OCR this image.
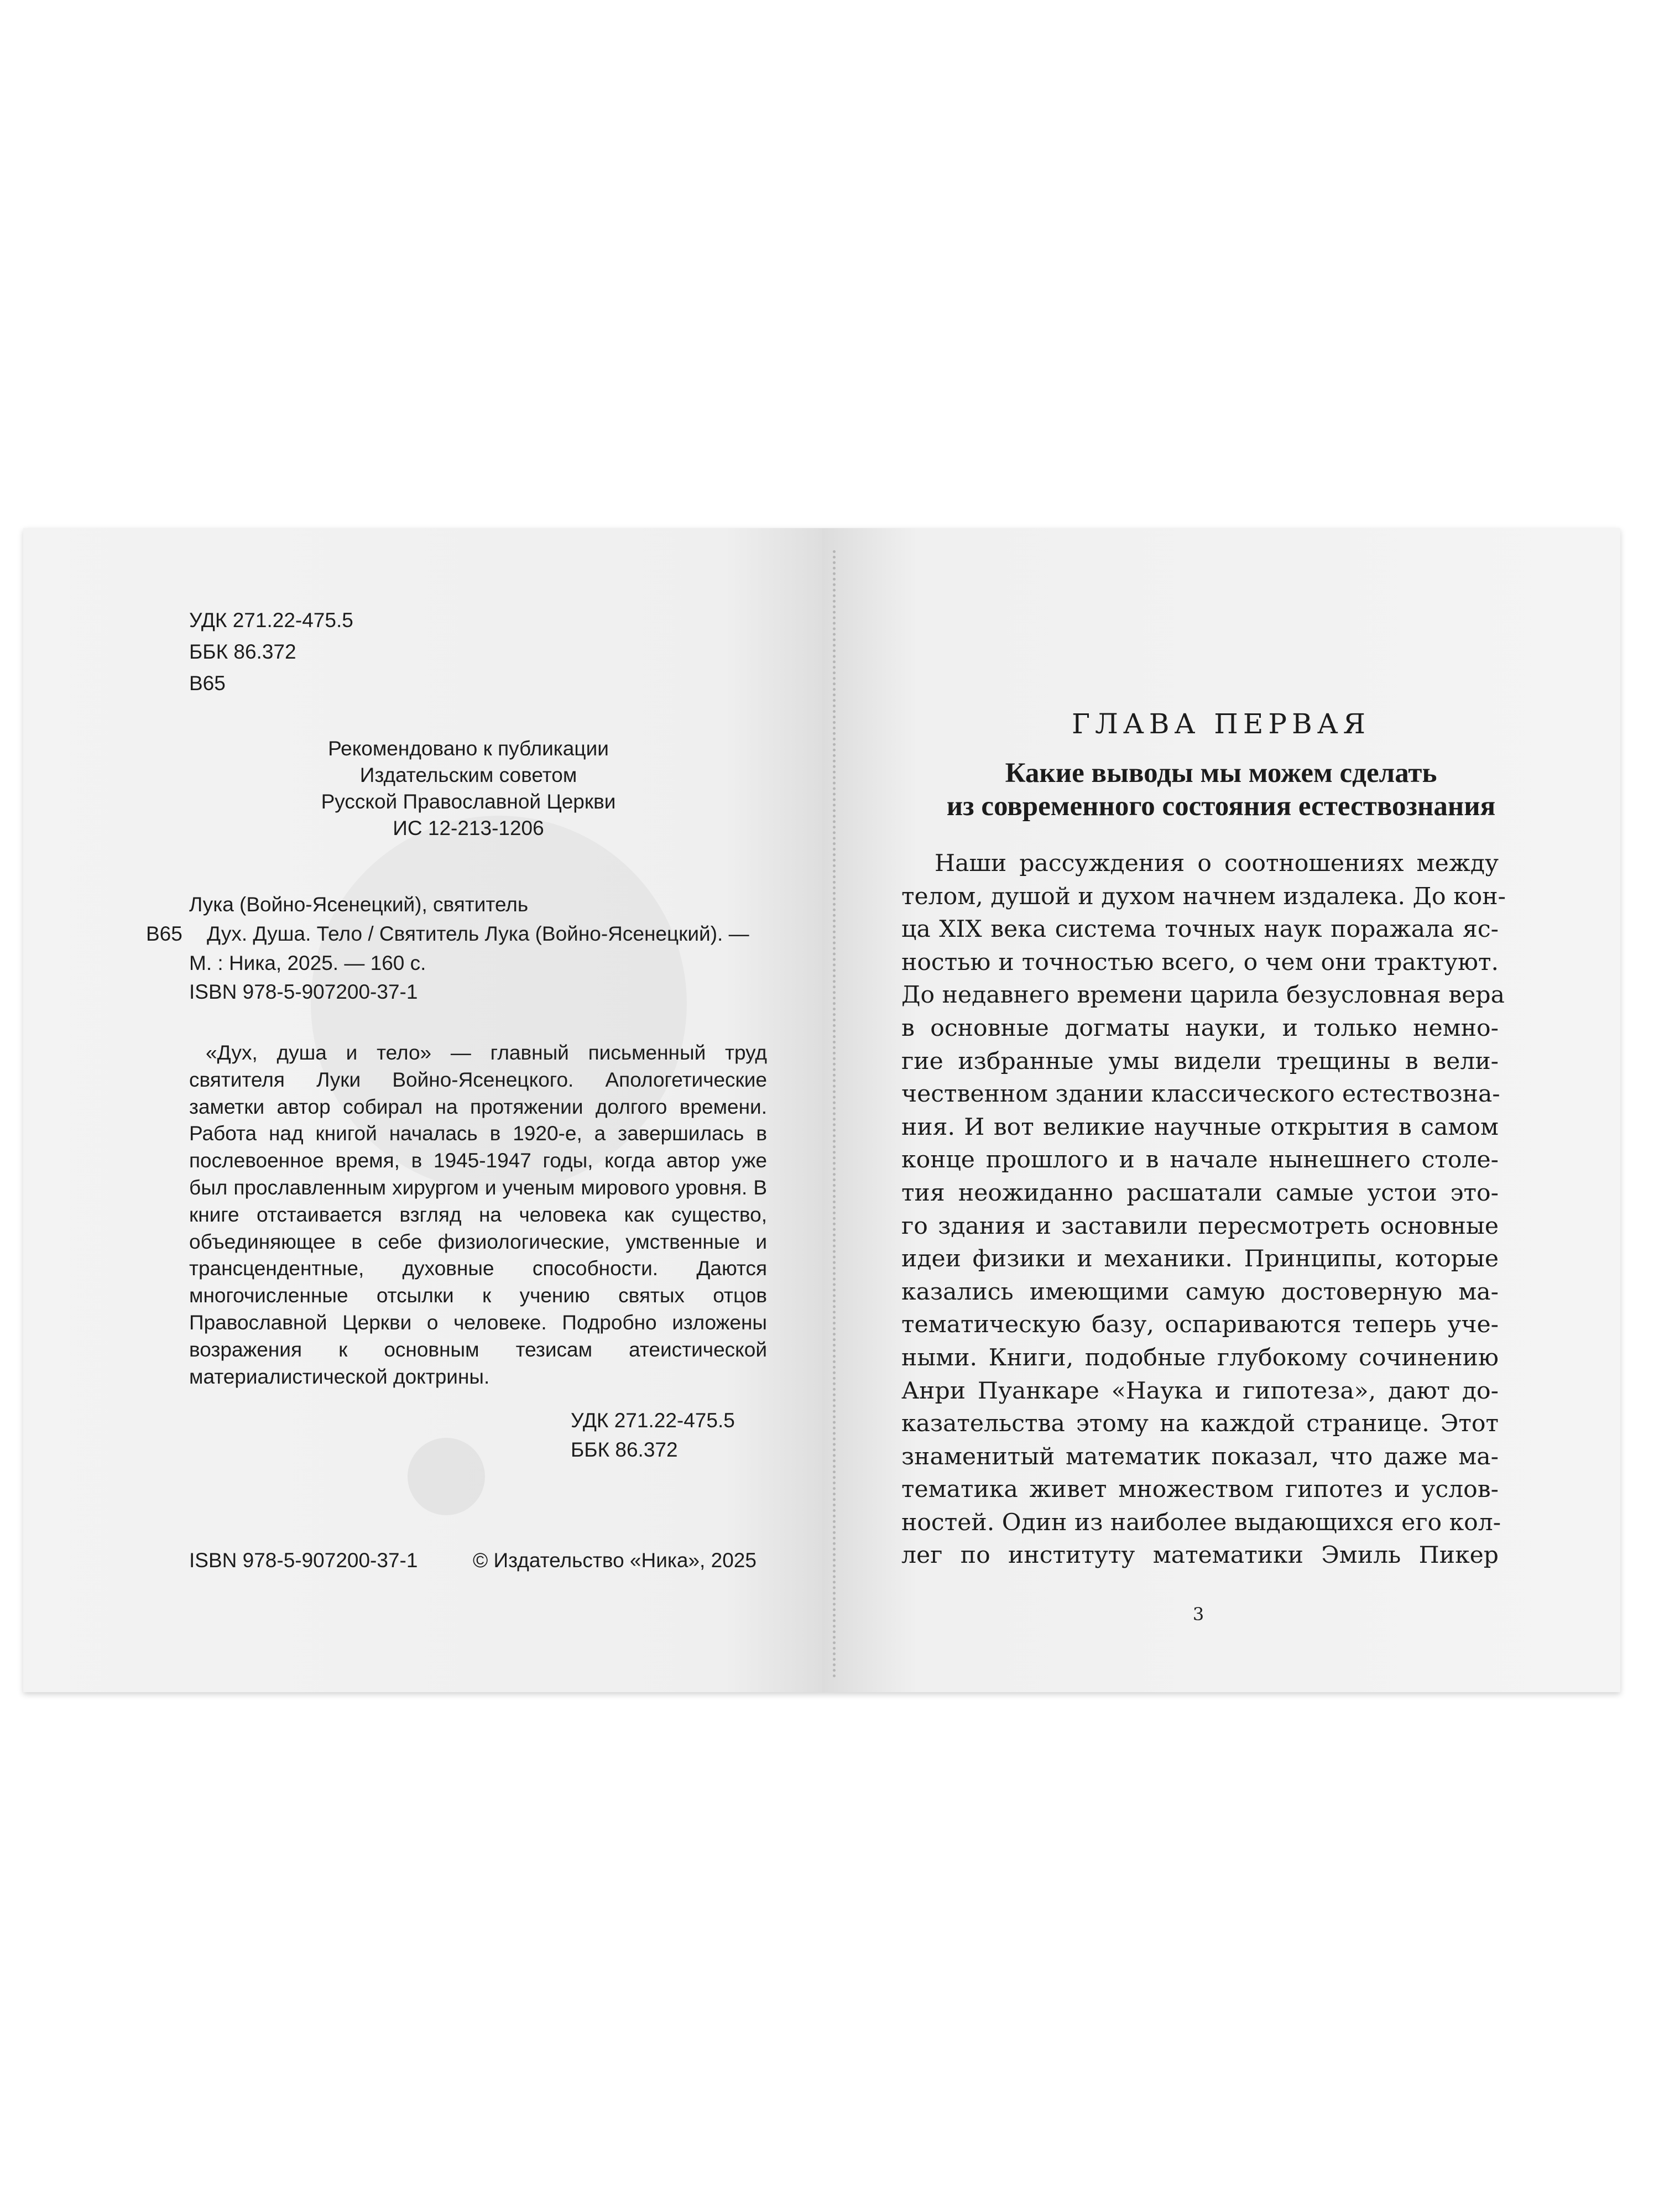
УДК 271.22-475.5
ББК 86.372
В65
Рекомендовано к публикации
Издательским советом
Русской Православной Церкви
ИС 12-213-1206
Лука (Войно-Ясенецкий), святитель
В65 Дух. Душа. Тело / Святитель Лука (Войно-Ясенецкий). —
М. : Ника, 2025. — 160 с.
ISBN 978-5-907200-37-1

«Дух, душа и тело» — главный письменный труд святителя Луки Войно-Ясенецкого. Апологетические заметки автор собирал на протяжении долгого времени. Работа над книгой началась в 1920-е, а завершилась в послевоенное время, в 1945-1947 годы, когда автор уже был прославленным хирургом и ученым мирового уровня. В книге отстаивается взгляд на человека как существо, объединяющее в себе физиологические, умственные и трансцендентные, духовные способности. Даются многочисленные отсылки к учению святых отцов Православной Церкви о человеке. Подробно изложены возражения к основным тезисам атеистической материалистической доктрины.

УДК 271.22-475.5
ББК 86.372
ISBN 978-5-907200-37-1	© Издательство «Ника», 2025
ГЛАВА ПЕРВАЯ
Какие выводы мы можем сделать
из современного состояния естествознания
Наши рассуждения о соотношениях между
телом, душой и духом начнем издалека. До кон-
ца XIX века система точных наук поражала яс-
ностью и точностью всего, о чем они трактуют.
До недавнего времени царила безусловная вера
в основные догматы науки, и только немно-
гие избранные умы видели трещины в вели-
чественном здании классического естествозна-
ния. И вот великие научные открытия в самом
конце прошлого и в начале нынешнего столе-
тия неожиданно расшатали самые устои это-
го здания и заставили пересмотреть основные
идеи физики и механики. Принципы, которые
казались имеющими самую достоверную ма-
тематическую базу, оспариваются теперь уче-
ными. Книги, подобные глубокому сочинению
Анри Пуанкаре «Наука и гипотеза», дают до-
казательства этому на каждой странице. Этот
знаменитый математик показал, что даже ма-
тематика живет множеством гипотез и услов-
ностей. Один из наиболее выдающихся его кол-
лег по институту математики Эмиль Пикер
3
